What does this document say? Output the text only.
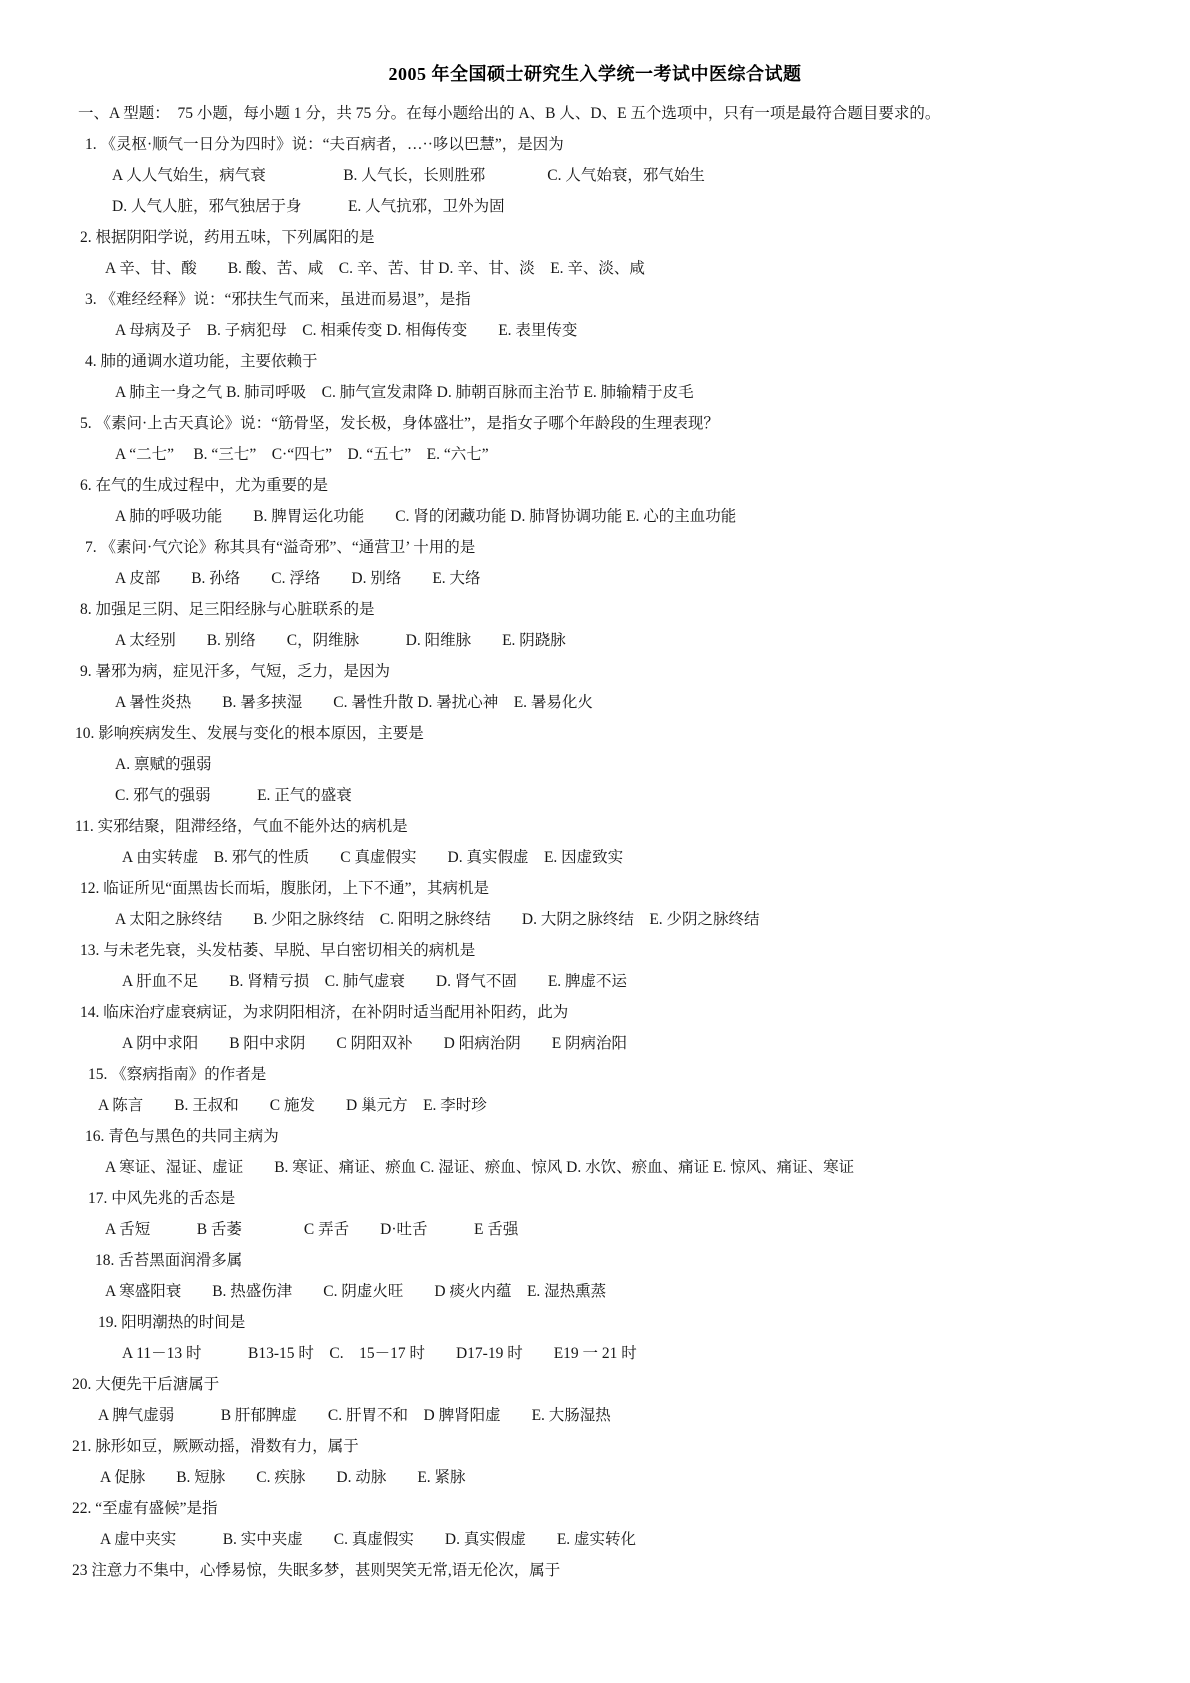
2005 年全国硕士研究生入学统一考试中医综合试题

一、A 型题：  75 小题，每小题 1 分，共 75 分。在每小题给出的 A、B 人、D、E 五个选项中，只有一项是最符合题目要求的。

1. 《灵枢·顺气一日分为四时》说：“夫百病者，…··哆以巴慧”，是因为

A 人人气始生，病气衰　　　　　B. 人气长，长则胜邪　　　　C. 人气始衰，邪气始生

D. 人气人脏，邪气独居于身　　　E. 人气抗邪，卫外为固

2. 根据阴阳学说，药用五味，下列属阳的是

A 辛、甘、酸　　B. 酸、苦、咸　C. 辛、苦、甘 D. 辛、甘、淡　E. 辛、淡、咸

3. 《难经经释》说：“邪扶生气而来，虽进而易退”，是指

A 母病及子　B. 子病犯母　C. 相乘传变 D. 相侮传变　　E. 表里传变

4. 肺的通调水道功能，主要依赖于

A 肺主一身之气 B. 肺司呼吸　C. 肺气宣发肃降 D. 肺朝百脉而主治节 E. 肺输精于皮毛

5. 《素问·上古天真论》说：“筋骨坚，发长极，身体盛壮”，是指女子哪个年龄段的生理表现？

A “二七”　 B. “三七”　C·“四七”　D. “五七”　E. “六七”

6. 在气的生成过程中，尤为重要的是

A 肺的呼吸功能　　B. 脾胃运化功能　　C. 肾的闭藏功能 D. 肺肾协调功能 E. 心的主血功能

7. 《素问·气穴论》称其具有“溢奇邪”、“通营卫’ 十用的是

A 皮部　　B. 孙络　　C. 浮络　　D. 别络　　E. 大络

8. 加强足三阴、足三阳经脉与心脏联系的是

A 太经别　　B. 别络　　C，阴维脉　　　D. 阳维脉　　E. 阴跷脉

9. 暑邪为病，症见汗多，气短，乏力，是因为

A 暑性炎热　　B. 暑多挟湿　　C. 暑性升散 D. 暑扰心神　E. 暑易化火

10. 影响疾病发生、发展与变化的根本原因，主要是

A. 禀赋的强弱

C. 邪气的强弱　　　E. 正气的盛衰

11. 实邪结聚，阻滞经络，气血不能外达的病机是

A 由实转虚　B. 邪气的性质　　C 真虚假实　　D. 真实假虚　E. 因虚致实

12. 临证所见“面黑齿长而垢，腹胀闭，上下不通”，其病机是

A 太阳之脉终结　　B. 少阳之脉终结　C. 阳明之脉终结　　D. 大阴之脉终结　E. 少阴之脉终结

13. 与未老先衰，头发枯萎、早脱、早白密切相关的病机是

A 肝血不足　　B. 肾精亏损　C. 肺气虚衰　　D. 肾气不固　　E. 脾虚不运

14. 临床治疗虚衰病证，为求阴阳相济，在补阴时适当配用补阳药，此为

A 阴中求阳　　B 阳中求阴　　C 阴阳双补　　D 阳病治阴　　E 阴病治阳

15. 《察病指南》的作者是

A 陈言　　B. 王叔和　　C 施发　　D 巢元方　E. 李时珍

16. 青色与黑色的共同主病为

A 寒证、湿证、虚证　　B. 寒证、痛证、瘀血 C. 湿证、瘀血、惊风 D. 水饮、瘀血、痛证 E. 惊风、痛证、寒证

17. 中风先兆的舌态是

A 舌短　　　B 舌萎　　　　C 弄舌　　D·吐舌　　　E 舌强

18. 舌苔黑面润滑多属

A 寒盛阳衰　　B. 热盛伤津　　C. 阴虚火旺　　D 痰火内蕴　E. 湿热熏蒸

19. 阳明潮热的时间是

A 11－13 时　　　B13-15 时　C.　15－17 时　　D17-19 时　　E19 一 21 时

20. 大便先干后溏属于

A 脾气虚弱　　　B 肝郁脾虚　　C. 肝胃不和　D 脾肾阳虚　　E. 大肠湿热

21. 脉形如豆，厥厥动摇，滑数有力，属于

A 促脉　　B. 短脉　　C. 疾脉　　D. 动脉　　E. 紧脉

22. “至虚有盛候”是指

A 虚中夹实　　　B. 实中夹虚　　C. 真虚假实　　D. 真实假虚　　E. 虚实转化

23 注意力不集中，心悸易惊，失眠多梦，甚则哭笑无常,语无伦次，属于
